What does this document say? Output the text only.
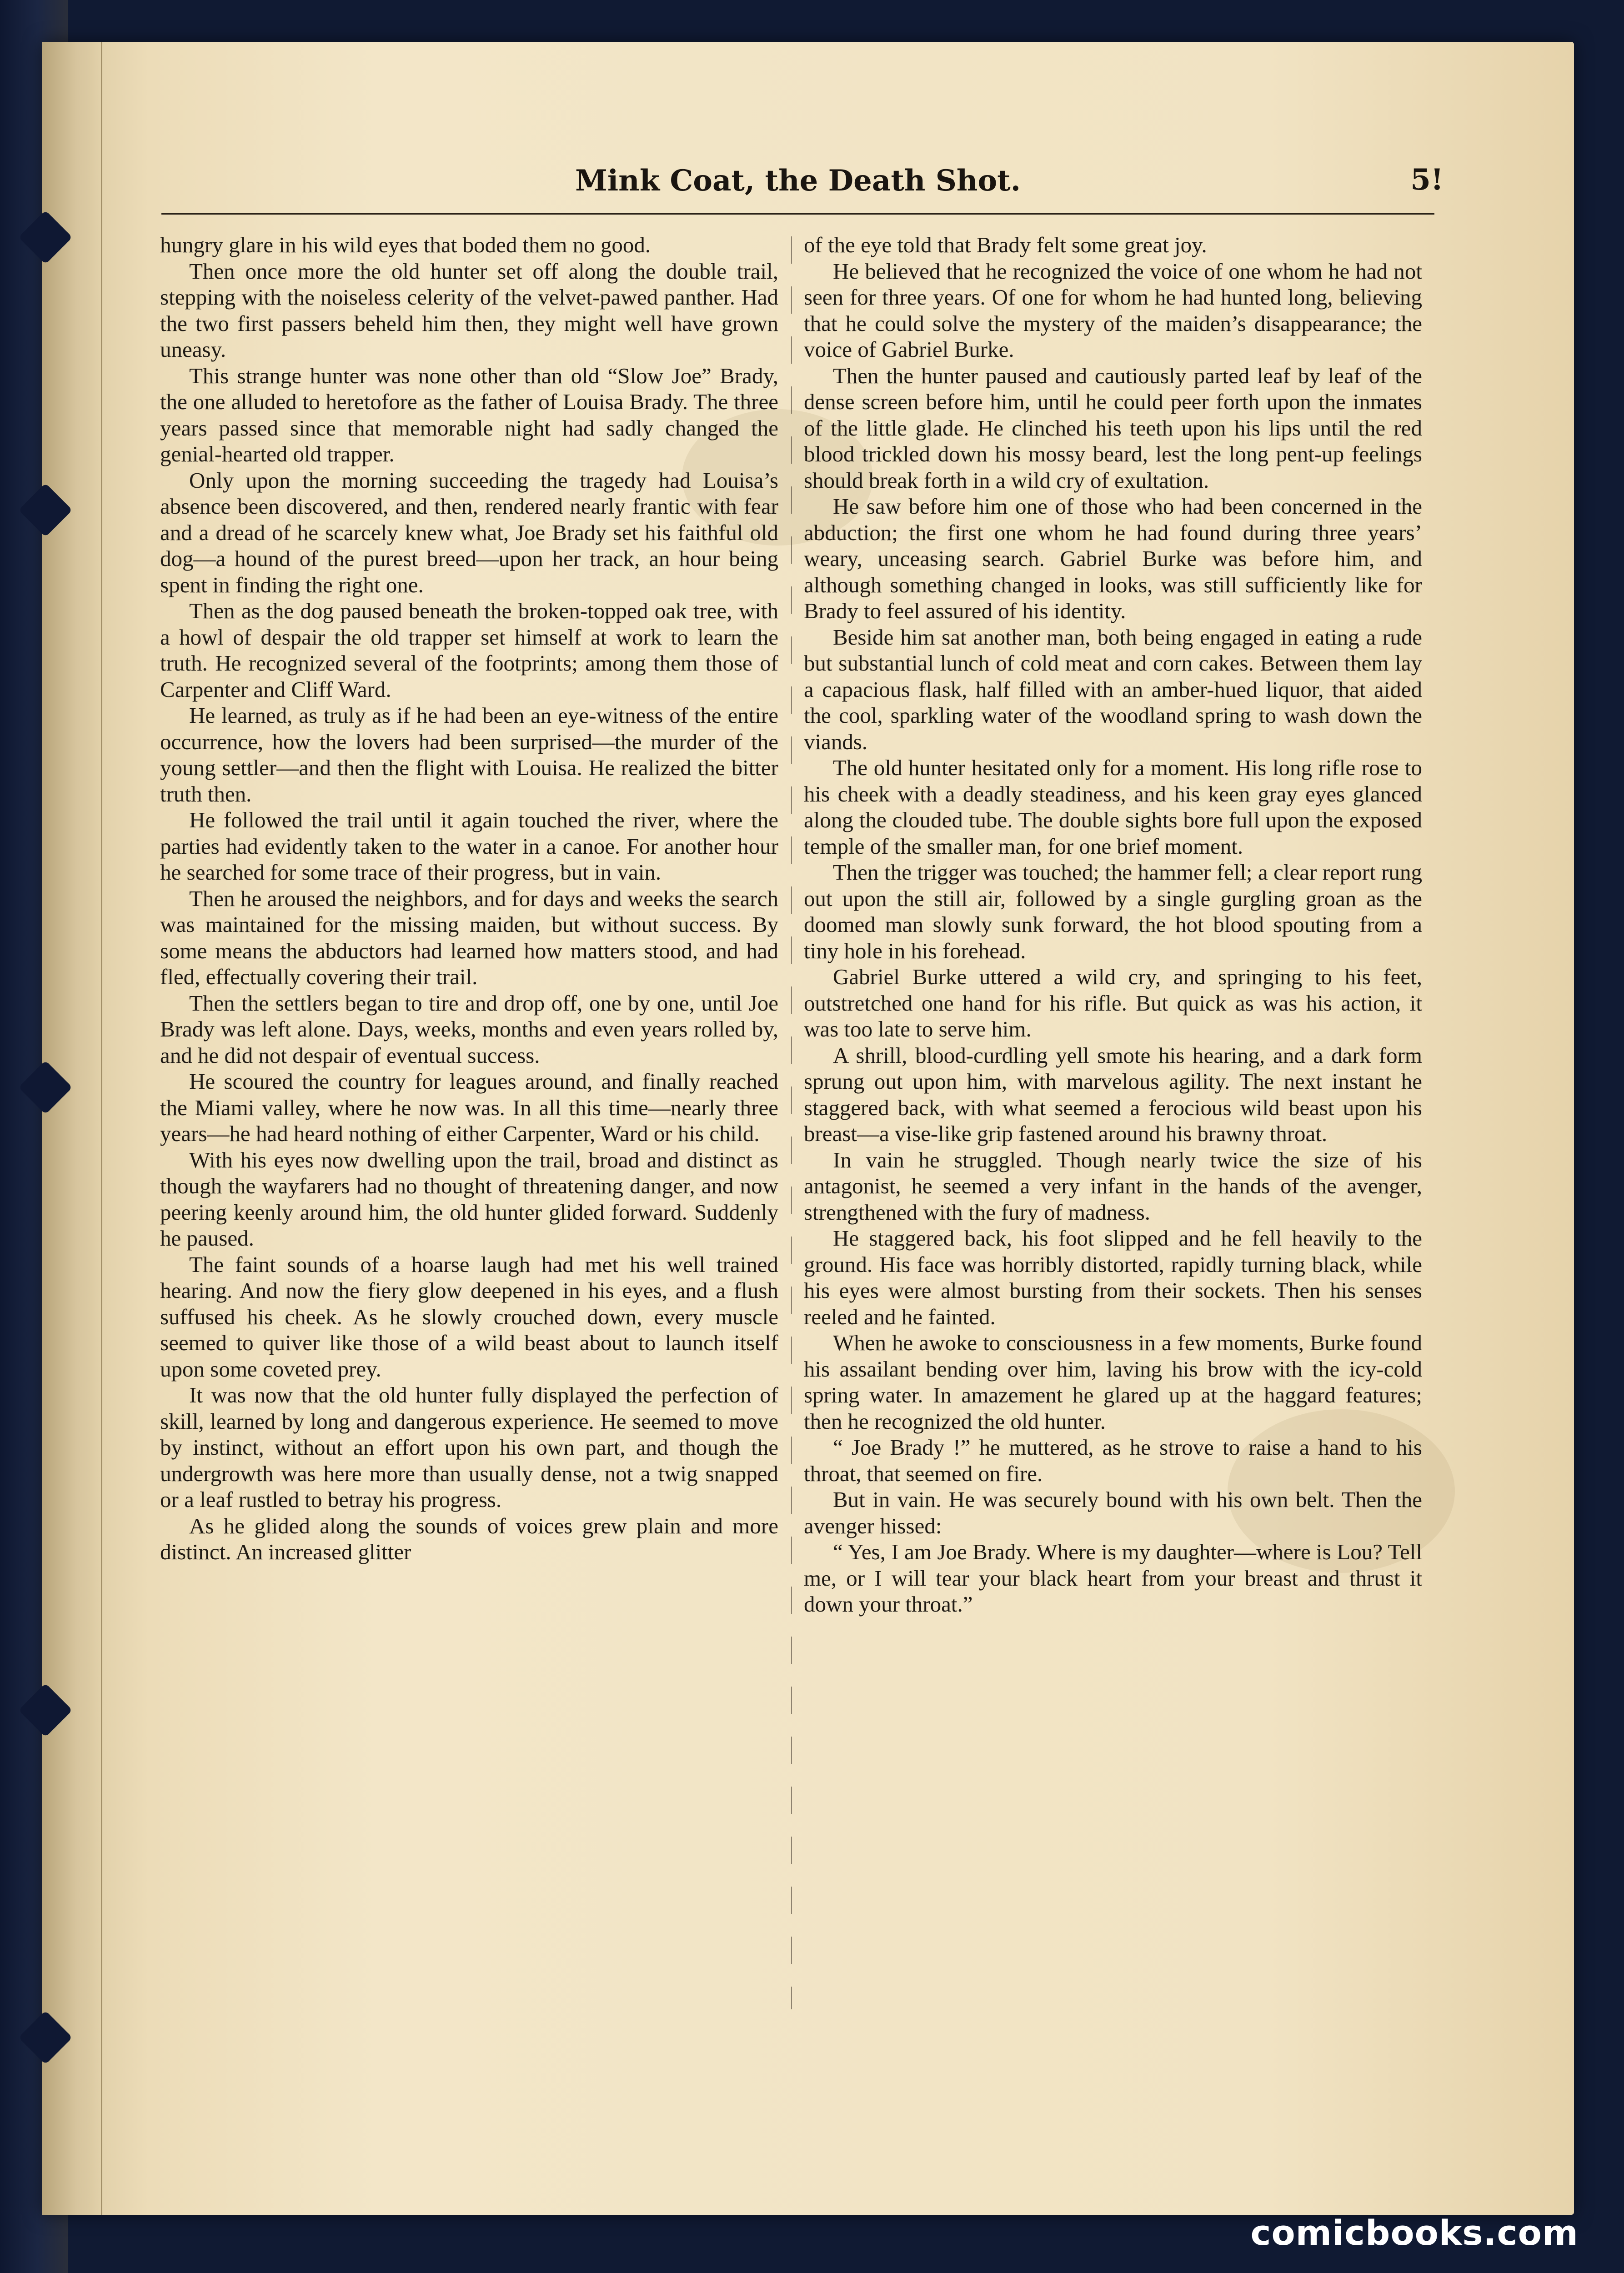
Mink Coat, the Death Shot.	5!

hungry glare in his wild eyes that boded them no good.

Then once more the old hunter set off along the double trail, stepping with the noiseless celerity of the velvet-pawed panther. Had the two first passers beheld him then, they might well have grown uneasy.

This strange hunter was none other than old “Slow Joe” Brady, the one alluded to heretofore as the father of Louisa Brady. The three years passed since that memorable night had sadly changed the genial-hearted old trapper.

Only upon the morning succeeding the tragedy had Louisa’s absence been discovered, and then, rendered nearly frantic with fear and a dread of he scarcely knew what, Joe Brady set his faithful old dog—a hound of the purest breed—upon her track, an hour being spent in finding the right one.

Then as the dog paused beneath the broken-topped oak tree, with a howl of despair the old trapper set himself at work to learn the truth. He recognized several of the footprints; among them those of Carpenter and Cliff Ward.

He learned, as truly as if he had been an eye-witness of the entire occurrence, how the lovers had been surprised—the murder of the young settler—and then the flight with Louisa. He realized the bitter truth then.

He followed the trail until it again touched the river, where the parties had evidently taken to the water in a canoe. For another hour he searched for some trace of their progress, but in vain.

Then he aroused the neighbors, and for days and weeks the search was maintained for the missing maiden, but without success. By some means the abductors had learned how matters stood, and had fled, effectually covering their trail.

Then the settlers began to tire and drop off, one by one, until Joe Brady was left alone. Days, weeks, months and even years rolled by, and he did not despair of eventual success.

He scoured the country for leagues around, and finally reached the Miami valley, where he now was. In all this time—nearly three years—he had heard nothing of either Carpenter, Ward or his child.

With his eyes now dwelling upon the trail, broad and distinct as though the wayfarers had no thought of threatening danger, and now peering keenly around him, the old hunter glided forward. Suddenly he paused.

The faint sounds of a hoarse laugh had met his well trained hearing. And now the fiery glow deepened in his eyes, and a flush suffused his cheek. As he slowly crouched down, every muscle seemed to quiver like those of a wild beast about to launch itself upon some coveted prey.

It was now that the old hunter fully displayed the perfection of skill, learned by long and dangerous experience. He seemed to move by instinct, without an effort upon his own part, and though the undergrowth was here more than usually dense, not a twig snapped or a leaf rustled to betray his progress.

As he glided along the sounds of voices grew plain and more distinct. An increased glitter

of the eye told that Brady felt some great joy.

He believed that he recognized the voice of one whom he had not seen for three years. Of one for whom he had hunted long, believing that he could solve the mystery of the maiden’s disappearance; the voice of Gabriel Burke.

Then the hunter paused and cautiously parted leaf by leaf of the dense screen before him, until he could peer forth upon the inmates of the little glade. He clinched his teeth upon his lips until the red blood trickled down his mossy beard, lest the long pent-up feelings should break forth in a wild cry of exultation.

He saw before him one of those who had been concerned in the abduction; the first one whom he had found during three years’ weary, unceasing search. Gabriel Burke was before him, and although something changed in looks, was still sufficiently like for Brady to feel assured of his identity.

Beside him sat another man, both being engaged in eating a rude but substantial lunch of cold meat and corn cakes. Between them lay a capacious flask, half filled with an amber-hued liquor, that aided the cool, sparkling water of the woodland spring to wash down the viands.

The old hunter hesitated only for a moment. His long rifle rose to his cheek with a deadly steadiness, and his keen gray eyes glanced along the clouded tube. The double sights bore full upon the exposed temple of the smaller man, for one brief moment.

Then the trigger was touched; the hammer fell; a clear report rung out upon the still air, followed by a single gurgling groan as the doomed man slowly sunk forward, the hot blood spouting from a tiny hole in his forehead.

Gabriel Burke uttered a wild cry, and springing to his feet, outstretched one hand for his rifle. But quick as was his action, it was too late to serve him.

A shrill, blood-curdling yell smote his hearing, and a dark form sprung out upon him, with marvelous agility. The next instant he staggered back, with what seemed a ferocious wild beast upon his breast—a vise-like grip fastened around his brawny throat.

In vain he struggled. Though nearly twice the size of his antagonist, he seemed a very infant in the hands of the avenger, strengthened with the fury of madness.

He staggered back, his foot slipped and he fell heavily to the ground. His face was horribly distorted, rapidly turning black, while his eyes were almost bursting from their sockets. Then his senses reeled and he fainted.

When he awoke to consciousness in a few moments, Burke found his assailant bending over him, laving his brow with the icy-cold spring water. In amazement he glared up at the haggard features; then he recognized the old hunter.

“ Joe Brady !” he muttered, as he strove to raise a hand to his throat, that seemed on fire.

But in vain. He was securely bound with his own belt. Then the avenger hissed:

“ Yes, I am Joe Brady. Where is my daughter—where is Lou? Tell me, or I will tear your black heart from your breast and thrust it down your throat.”

comicbooks.com
